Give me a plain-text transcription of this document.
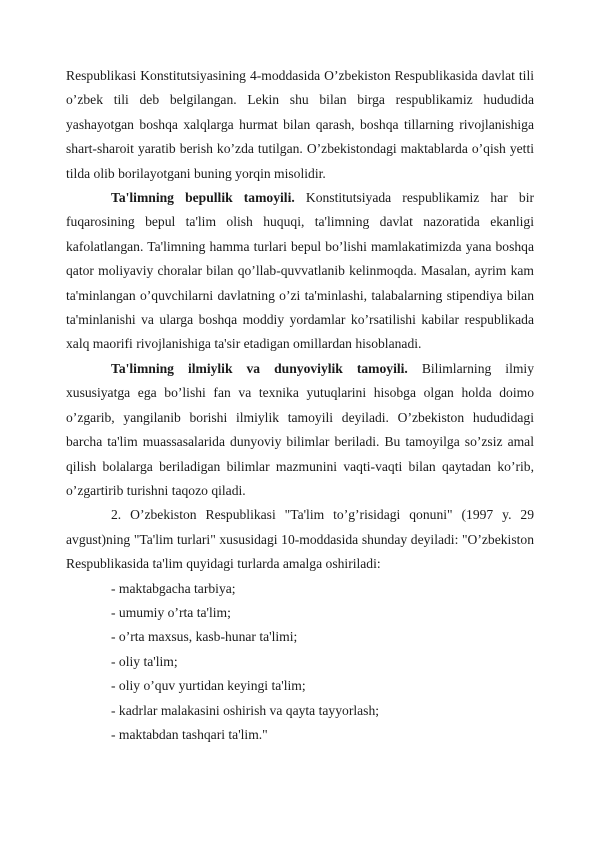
Respublikasi Konstitutsiyasining 4-moddasida O’zbekiston Respublikasida davlat tili o’zbek tili deb belgilangan. Lekin shu bilan birga respublikamiz hududida yashayotgan boshqa xalqlarga hurmat bilan qarash, boshqa tillarning rivojlanishiga shart-sharoit yaratib berish ko’zda tutilgan. O’zbekistondagi maktablarda o’qish yetti tilda olib borilayotgani buning yorqin misolidir.

Ta'limning bepullik tamoyili. Konstitutsiyada respublikamiz har bir fuqarosining bepul ta'lim olish huquqi, ta'limning davlat nazoratida ekanligi kafolatlangan. Ta'limning hamma turlari bepul bo’lishi mamlakatimizda yana boshqa qator moliyaviy choralar bilan qo’llab-quvvatlanib kelinmoqda. Masalan, ayrim kam ta'minlangan o’quvchilarni davlatning o’zi ta'minlashi, talabalarning stipendiya bilan ta'minlanishi va ularga boshqa moddiy yordamlar ko’rsatilishi kabilar respublikada xalq maorifi rivojlanishiga ta'sir etadigan omillardan hisoblanadi.

Ta'limning ilmiylik va dunyoviylik tamoyili. Bilimlarning ilmiy xususiyatga ega bo’lishi fan va texnika yutuqlarini hisobga olgan holda doimo o’zgarib, yangilanib borishi ilmiylik tamoyili deyiladi. O’zbekiston hududidagi barcha ta'lim muassasalarida dunyoviy bilimlar beriladi. Bu tamoyilga so’zsiz amal qilish bolalarga beriladigan bilimlar mazmunini vaqti-vaqti bilan qaytadan ko’rib, o’zgartirib turishni taqozo qiladi.

2. O’zbekiston Respublikasi "Ta'lim to’g’risidagi qonuni" (1997 y. 29 avgust)ning "Ta'lim turlari" xususidagi 10-moddasida shunday deyiladi: "O’zbekiston Respublikasida ta'lim quyidagi turlarda amalga oshiriladi:

- maktabgacha tarbiya;
- umumiy o’rta ta'lim;
- o’rta maxsus, kasb-hunar ta'limi;
- oliy ta'lim;
- oliy o’quv yurtidan keyingi ta'lim;
- kadrlar malakasini oshirish va qayta tayyorlash;
- maktabdan tashqari ta'lim."
